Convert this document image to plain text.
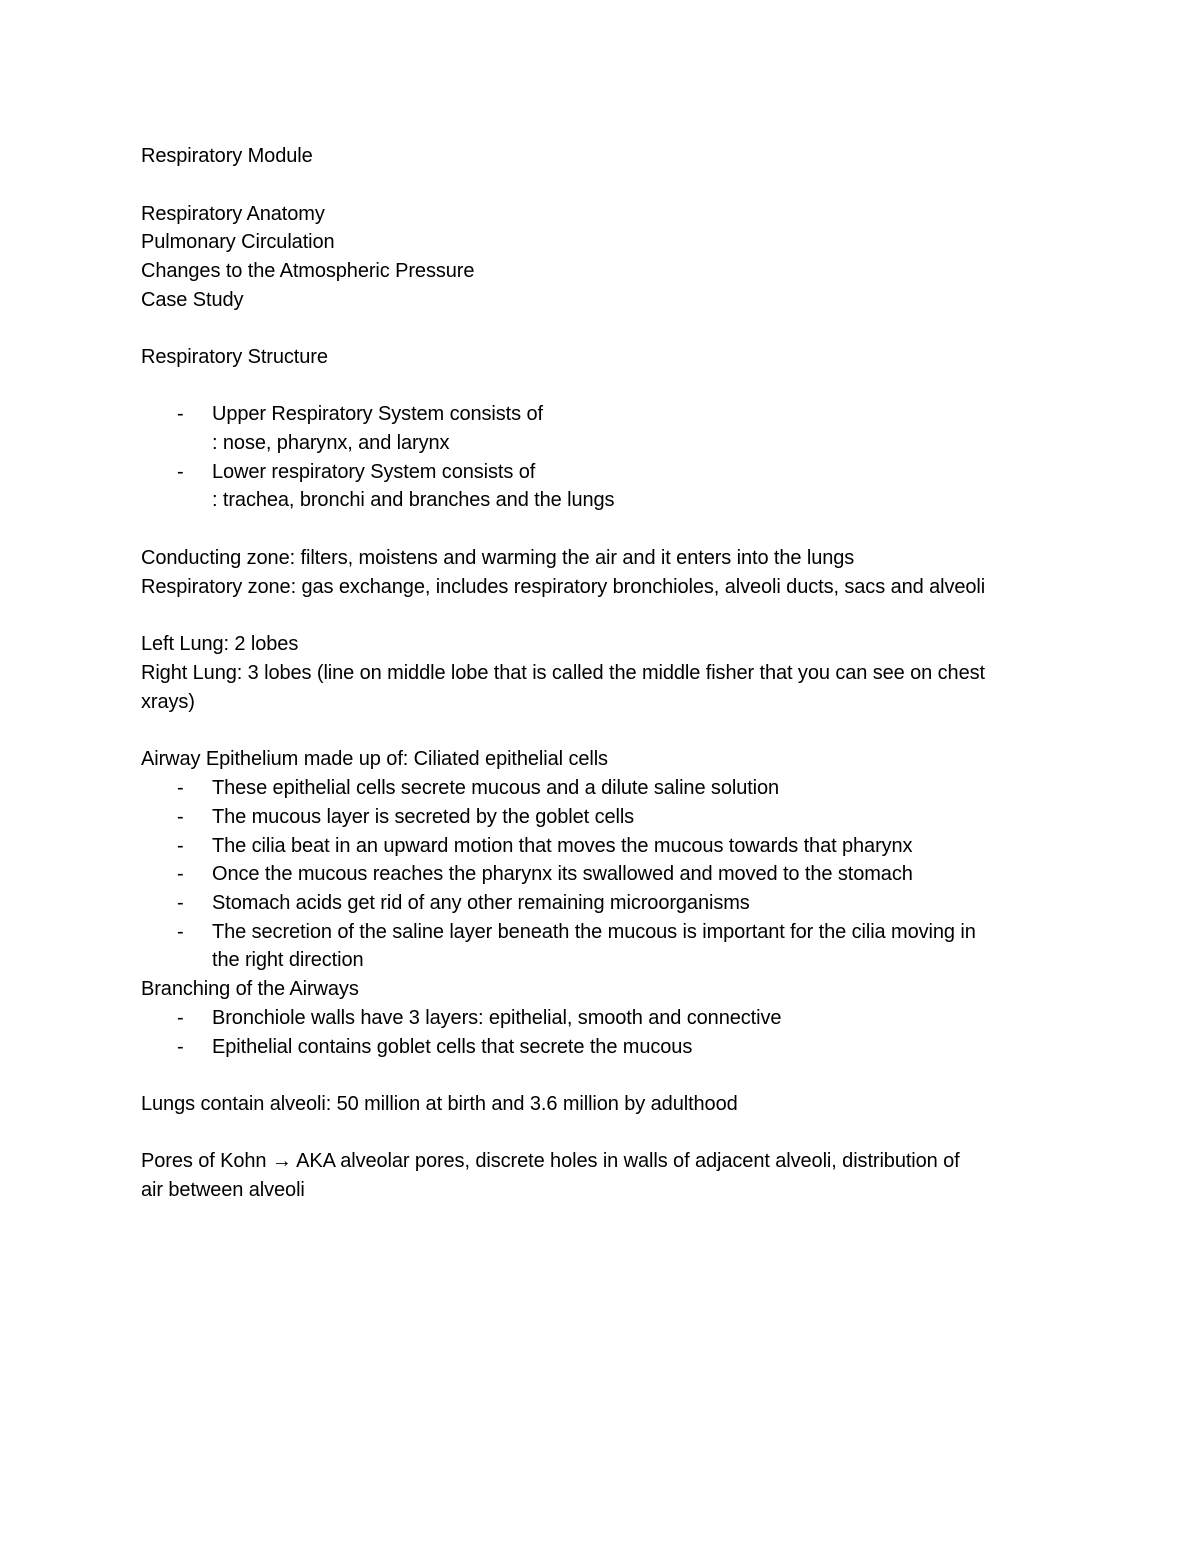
Respiratory Module
Respiratory Anatomy
Pulmonary Circulation
Changes to the Atmospheric Pressure
Case Study
Respiratory Structure
- Upper Respiratory System consists of
: nose, pharynx, and larynx
- Lower respiratory System consists of
: trachea, bronchi and branches and the lungs
Conducting zone: filters, moistens and warming the air and it enters into the lungs
Respiratory zone: gas exchange, includes respiratory bronchioles, alveoli ducts, sacs and alveoli
Left Lung: 2 lobes
Right Lung: 3 lobes (line on middle lobe that is called the middle fisher that you can see on chest
xrays)
Airway Epithelium made up of: Ciliated epithelial cells
- These epithelial cells secrete mucous and a dilute saline solution
- The mucous layer is secreted by the goblet cells
- The cilia beat in an upward motion that moves the mucous towards that pharynx
- Once the mucous reaches the pharynx its swallowed and moved to the stomach
- Stomach acids get rid of any other remaining microorganisms
- The secretion of the saline layer beneath the mucous is important for the cilia moving in
the right direction
Branching of the Airways
- Bronchiole walls have 3 layers: epithelial, smooth and connective
- Epithelial contains goblet cells that secrete the mucous
Lungs contain alveoli: 50 million at birth and 3.6 million by adulthood
Pores of Kohn → AKA alveolar pores, discrete holes in walls of adjacent alveoli, distribution of
air between alveoli
